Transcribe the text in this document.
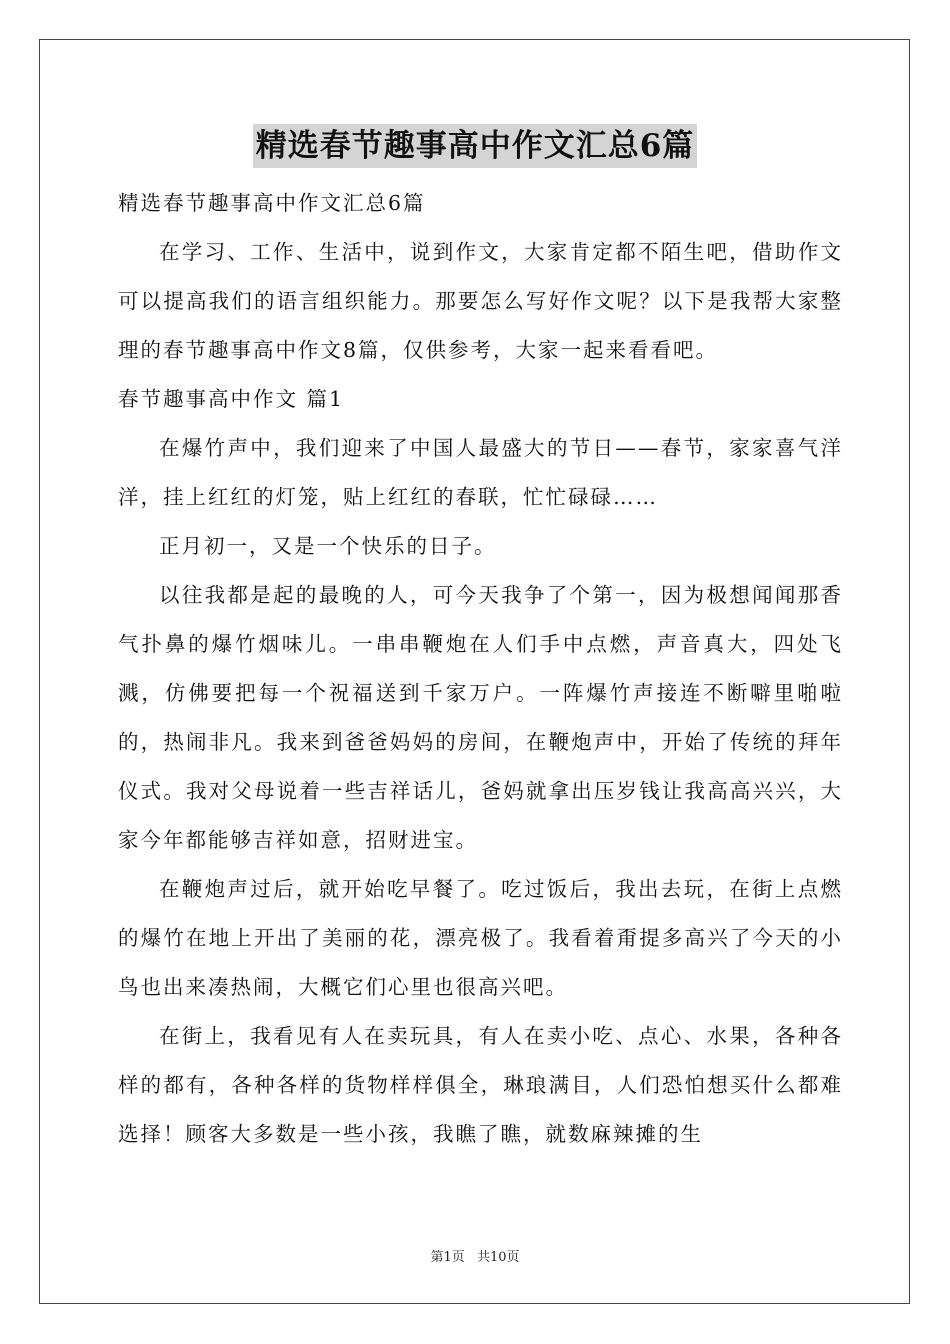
精选春节趣事高中作文汇总6篇

精选春节趣事高中作文汇总6篇

在学习、工作、生活中，说到作文，大家肯定都不陌生吧，借助作文可以提高我们的语言组织能力。那要怎么写好作文呢？以下是我帮大家整理的春节趣事高中作文8篇，仅供参考，大家一起来看看吧。

春节趣事高中作文 篇1

在爆竹声中，我们迎来了中国人最盛大的节日——春节，家家喜气洋洋，挂上红红的灯笼，贴上红红的春联，忙忙碌碌……

正月初一，又是一个快乐的日子。

以往我都是起的最晚的人，可今天我争了个第一，因为极想闻闻那香气扑鼻的爆竹烟味儿。一串串鞭炮在人们手中点燃，声音真大，四处飞溅，仿佛要把每一个祝福送到千家万户。一阵爆竹声接连不断噼里啪啦的，热闹非凡。我来到爸爸妈妈的房间，在鞭炮声中，开始了传统的拜年仪式。我对父母说着一些吉祥话儿，爸妈就拿出压岁钱让我高高兴兴，大家今年都能够吉祥如意，招财进宝。

在鞭炮声过后，就开始吃早餐了。吃过饭后，我出去玩，在街上点燃的爆竹在地上开出了美丽的花，漂亮极了。我看着甭提多高兴了今天的小鸟也出来凑热闹，大概它们心里也很高兴吧。

在街上，我看见有人在卖玩具，有人在卖小吃、点心、水果，各种各样的都有，各种各样的货物样样俱全，琳琅满目，人们恐怕想买什么都难选择！顾客大多数是一些小孩，我瞧了瞧，就数麻辣摊的生

第1页 共10页
